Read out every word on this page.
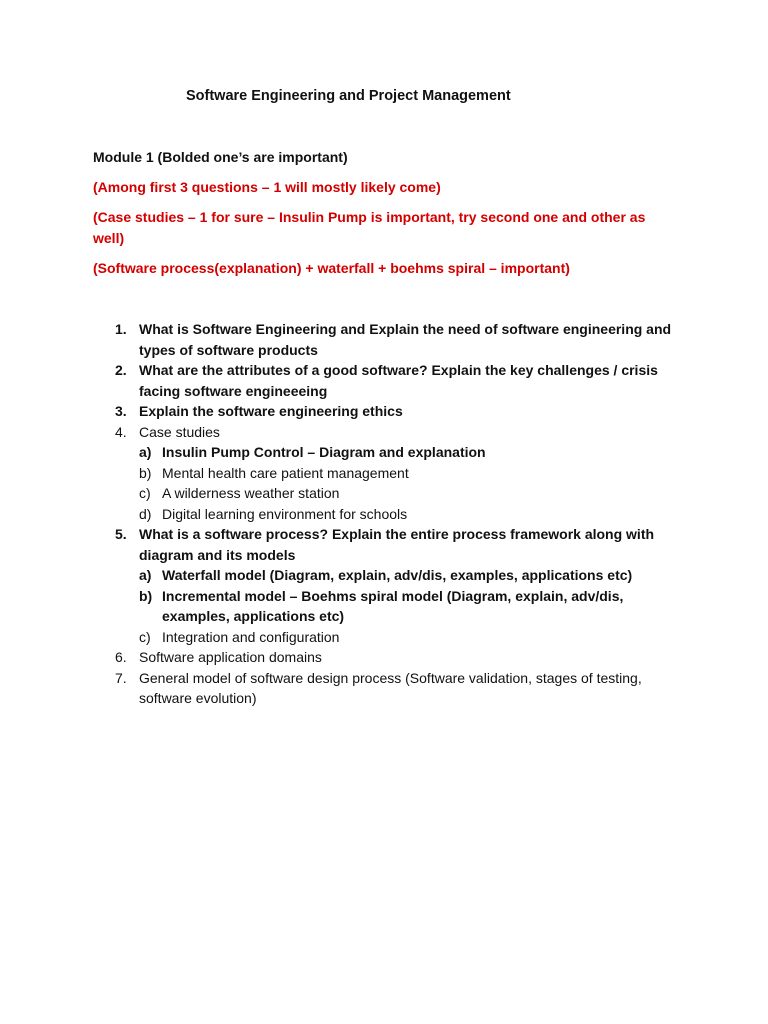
Software Engineering and Project Management
Module 1 (Bolded one’s are important)
(Among first 3 questions – 1 will mostly likely come)
(Case studies – 1 for sure – Insulin Pump is important, try second one and other as well)
(Software process(explanation) + waterfall + boehms spiral – important)
1. What is Software Engineering and Explain the need of software engineering and types of software products
2. What are the attributes of a good software? Explain the key challenges / crisis facing software engineeeing
3. Explain the software engineering ethics
4. Case studies
a) Insulin Pump Control – Diagram and explanation
b) Mental health care patient management
c) A wilderness weather station
d) Digital learning environment for schools
5. What is a software process? Explain the entire process framework along with diagram and its models
a) Waterfall model (Diagram, explain, adv/dis, examples, applications etc)
b) Incremental model – Boehms spiral model (Diagram, explain, adv/dis, examples, applications etc)
c) Integration and configuration
6. Software application domains
7. General model of software design process (Software validation, stages of testing, software evolution)
